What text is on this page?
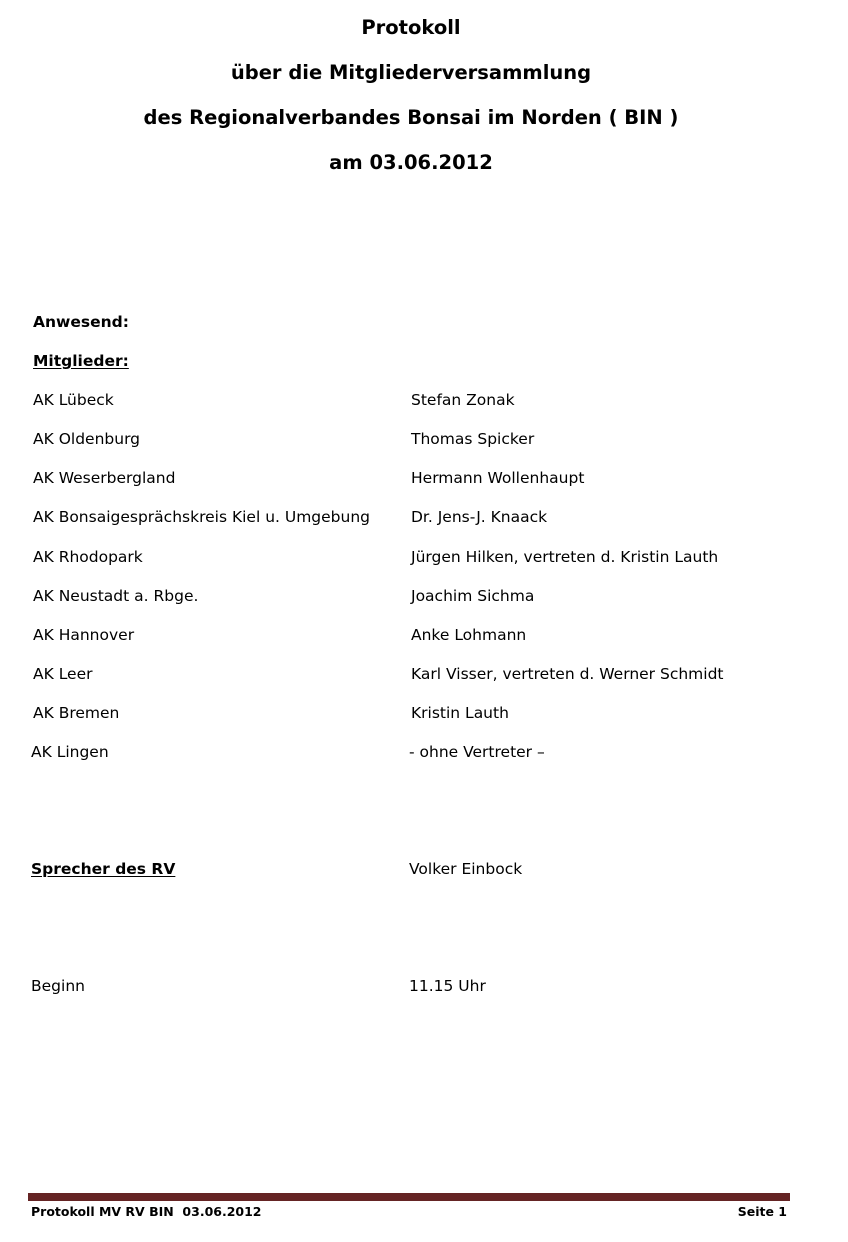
Protokoll
über die Mitgliederversammlung
des Regionalverbandes Bonsai im Norden ( BIN )
am 03.06.2012
Anwesend:
Mitglieder:
AK Lübeck	Stefan Zonak
AK Oldenburg	Thomas Spicker
AK Weserbergland	Hermann Wollenhaupt
AK Bonsaigesprächskreis Kiel u. Umgebung	Dr. Jens-J. Knaack
AK Rhodopark	Jürgen Hilken, vertreten d. Kristin Lauth
AK Neustadt a. Rbge.	Joachim Sichma
AK Hannover	Anke Lohmann
AK Leer	Karl Visser, vertreten d. Werner Schmidt
AK Bremen	Kristin Lauth
AK Lingen	- ohne Vertreter –
Sprecher des RV	Volker Einbock
Beginn	11.15 Uhr
Protokoll MV RV BIN  03.06.2012	Seite 1
